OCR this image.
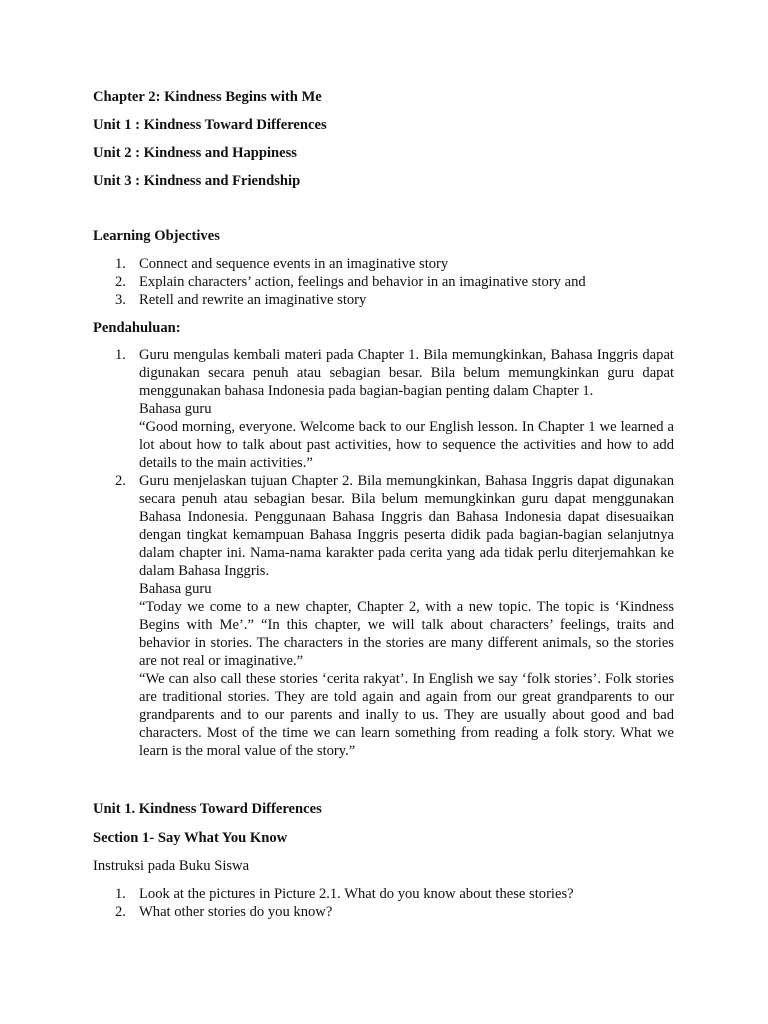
Chapter 2: Kindness Begins with Me

Unit 1 : Kindness Toward Differences

Unit 2 : Kindness and Happiness

Unit 3 : Kindness and Friendship

Learning Objectives

1. Connect and sequence events in an imaginative story
2. Explain characters’ action, feelings and behavior in an imaginative story and
3. Retell and rewrite an imaginative story

Pendahuluan:

1. Guru mengulas kembali materi pada Chapter 1. Bila memungkinkan, Bahasa Inggris dapat digunakan secara penuh atau sebagian besar. Bila belum memungkinkan guru dapat menggunakan bahasa Indonesia pada bagian-bagian penting dalam Chapter 1.

Bahasa guru

“Good morning, everyone. Welcome back to our English lesson. In Chapter 1 we learned a lot about how to talk about past activities, how to sequence the activities and how to add details to the main activities.”

2. Guru menjelaskan tujuan Chapter 2. Bila memungkinkan, Bahasa Inggris dapat digunakan secara penuh atau sebagian besar. Bila belum memungkinkan guru dapat menggunakan Bahasa Indonesia. Penggunaan Bahasa Inggris dan Bahasa Indonesia dapat disesuaikan dengan tingkat kemampuan Bahasa Inggris peserta didik pada bagian-bagian selanjutnya dalam chapter ini. Nama-nama karakter pada cerita yang ada tidak perlu diterjemahkan ke dalam Bahasa Inggris.

Bahasa guru

“Today we come to a new chapter, Chapter 2, with a new topic. The topic is ‘Kindness Begins with Me’.” “In this chapter, we will talk about characters’ feelings, traits and behavior in stories. The characters in the stories are many different animals, so the stories are not real or imaginative.”

“We can also call these stories ‘cerita rakyat’. In English we say ‘folk stories’. Folk stories are traditional stories. They are told again and again from our great grandparents to our grandparents and to our parents and inally to us. They are usually about good and bad characters. Most of the time we can learn something from reading a folk story. What we learn is the moral value of the story.”

Unit 1. Kindness Toward Differences

Section 1- Say What You Know

Instruksi pada Buku Siswa

1. Look at the pictures in Picture 2.1. What do you know about these stories?
2. What other stories do you know?
